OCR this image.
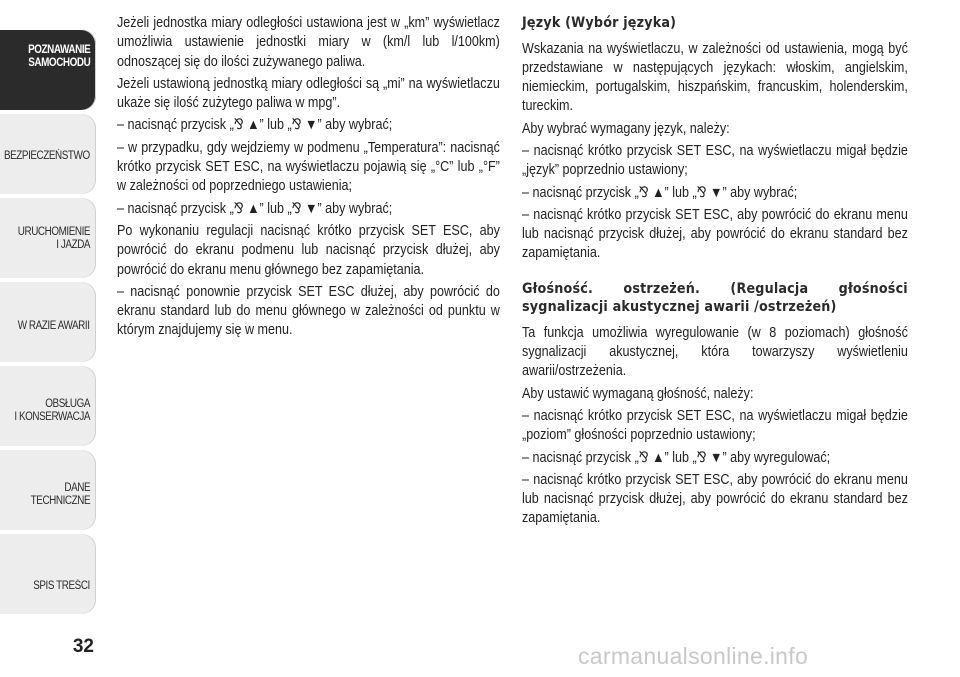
POZNAWANIE
SAMOCHODU
BEZPIECZEŃSTWO
URUCHOMIENIE
I JAZDA
W RAZIE AWARII
OBSŁUGA
I KONSERWACJA
DANE
TECHNICZNE
SPIS TREŚCI
32

Jeżeli jednostka miary odległości ustawiona jest w „km” wyświetlacz umożliwia ustawienie jednostki miary w (km/l lub l/100km) odnoszącej się do ilości zużywanego paliwa.

Jeżeli ustawioną jednostką miary odległości są „mi” na wyświetlaczu ukaże się ilość zużytego paliwa w mpg”.

– nacisnąć przycisk „⅋ ▲” lub „⅋ ▼” aby wybrać;

– w przypadku, gdy wejdziemy w podmenu „Temperatura”: nacisnąć krótko przycisk SET ESC, na wyświetlaczu pojawią się „°C” lub „°F” w zależności od poprzedniego ustawienia;

– nacisnąć przycisk „⅋ ▲” lub „⅋ ▼” aby wybrać;

Po wykonaniu regulacji nacisnąć krótko przycisk SET ESC, aby powrócić do ekranu podmenu lub nacisnąć przycisk dłużej, aby powrócić do ekranu menu głównego bez zapamiętania.

– nacisnąć ponownie przycisk SET ESC dłużej, aby powrócić do ekranu standard lub do menu głównego w zależności od punktu w którym znajdujemy się w menu.

Język (Wybór języka)

Wskazania na wyświetlaczu, w zależności od ustawienia, mogą być przedstawiane w następujących językach: włoskim, angielskim, niemieckim, portugalskim, hiszpańskim, francuskim, holenderskim, tureckim.

Aby wybrać wymagany język, należy:

– nacisnąć krótko przycisk SET ESC, na wyświetlaczu migał będzie „język” poprzednio ustawiony;

– nacisnąć przycisk „⅋ ▲” lub „⅋ ▼” aby wybrać;

– nacisnąć krótko przycisk SET ESC, aby powrócić do ekranu menu lub nacisnąć przycisk dłużej, aby powrócić do ekranu standard bez zapamiętania.

Głośność. ostrzeżeń. (Regulacja głośności sygnalizacji akustycznej awarii /ostrzeżeń)

Ta funkcja umożliwia wyregulowanie (w 8 poziomach) głośność sygnalizacji akustycznej, która towarzyszy wyświetleniu awarii/ostrzeżenia.

Aby ustawić wymaganą głośność, należy:

– nacisnąć krótko przycisk SET ESC, na wyświetlaczu migał będzie „poziom” głośności poprzednio ustawiony;

– nacisnąć przycisk „⅋ ▲” lub „⅋ ▼” aby wyregulować;

– nacisnąć krótko przycisk SET ESC, aby powrócić do ekranu menu lub nacisnąć przycisk dłużej, aby powrócić do ekranu standard bez zapamiętania.

carmanualsonline.info
